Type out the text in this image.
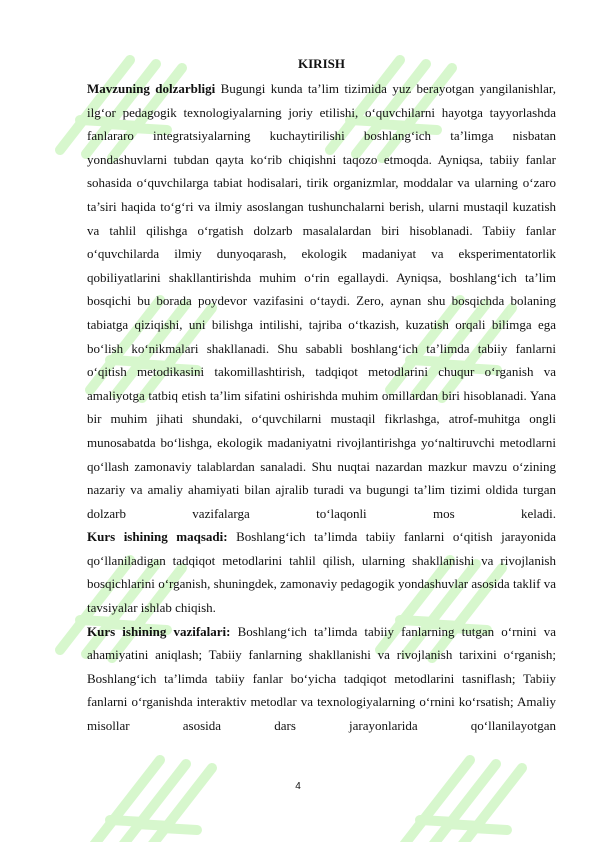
KIRISH

Mavzuning dolzarbligi Bugungi kunda ta’lim tizimida yuz berayotgan yangilanishlar, ilg‘or pedagogik texnologiyalarning joriy etilishi, o‘quvchilarni hayotga tayyorlashda fanlararo integratsiyalarning kuchaytirilishi boshlang‘ich ta’limga nisbatan yondashuvlarni tubdan qayta ko‘rib chiqishni taqozo etmoqda. Ayniqsa, tabiiy fanlar sohasida o‘quvchilarga tabiat hodisalari, tirik organizmlar, moddalar va ularning o‘zaro ta’siri haqida to‘g‘ri va ilmiy asoslangan tushunchalarni berish, ularni mustaqil kuzatish va tahlil qilishga o‘rgatish dolzarb masalalardan biri hisoblanadi. Tabiiy fanlar o‘quvchilarda ilmiy dunyoqarash, ekologik madaniyat va eksperimentatorlik qobiliyatlarini shakllantirishda muhim o‘rin egallaydi. Ayniqsa, boshlang‘ich ta’lim bosqichi bu borada poydevor vazifasini o‘taydi. Zero, aynan shu bosqichda bolaning tabiatga qiziqishi, uni bilishga intilishi, tajriba o‘tkazish, kuzatish orqali bilimga ega bo‘lish ko‘nikmalari shakllanadi. Shu sababli boshlang‘ich ta’limda tabiiy fanlarni o‘qitish metodikasini takomillashtirish, tadqiqot metodlarini chuqur o‘rganish va amaliyotga tatbiq etish ta’lim sifatini oshirishda muhim omillardan biri hisoblanadi. Yana bir muhim jihati shundaki, o‘quvchilarni mustaqil fikrlashga, atrof-muhitga ongli munosabatda bo‘lishga, ekologik madaniyatni rivojlantirishga yo‘naltiruvchi metodlarni qo‘llash zamonaviy talablardan sanaladi. Shu nuqtai nazardan mazkur mavzu o‘zining nazariy va amaliy ahamiyati bilan ajralib turadi va bugungi ta’lim tizimi oldida turgan dolzarb vazifalarga to‘laqonli mos keladi.

Kurs ishining maqsadi: Boshlang‘ich ta’limda tabiiy fanlarni o‘qitish jarayonida qo‘llaniladigan tadqiqot metodlarini tahlil qilish, ularning shakllanishi va rivojlanish bosqichlarini o‘rganish, shuningdek, zamonaviy pedagogik yondashuvlar asosida taklif va tavsiyalar ishlab chiqish.

Kurs ishining vazifalari: Boshlang‘ich ta’limda tabiiy fanlarning tutgan o‘rnini va ahamiyatini aniqlash; Tabiiy fanlarning shakllanishi va rivojlanish tarixini o‘rganish; Boshlang‘ich ta’limda tabiiy fanlar bo‘yicha tadqiqot metodlarini tasniflash; Tabiiy fanlarni o‘rganishda interaktiv metodlar va texnologiyalarning o‘rnini ko‘rsatish; Amaliy misollar asosida dars jarayonlarida qo‘llanilayotgan

4
